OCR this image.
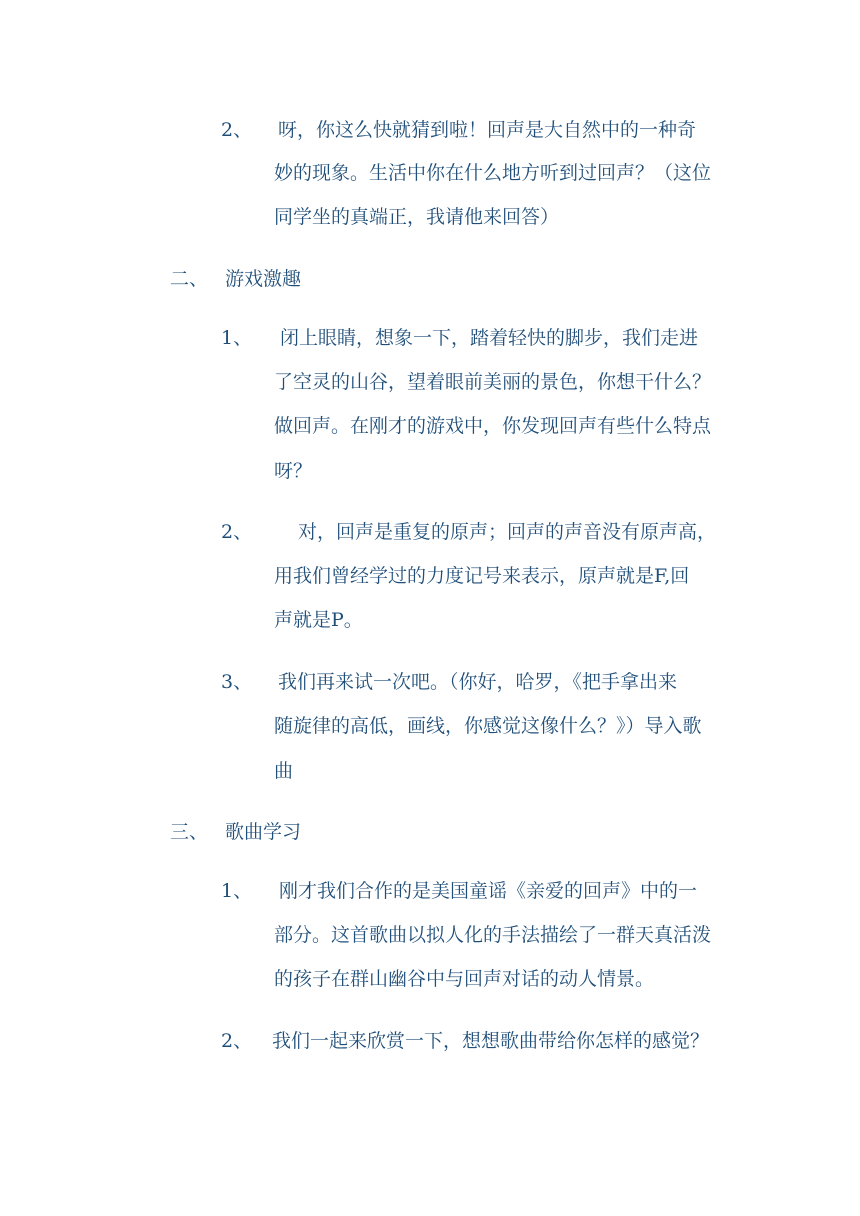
2、 呀，你这么快就猜到啦！回声是大自然中的一种奇
妙的现象。生活中你在什么地方听到过回声？（这位
同学坐的真端正，我请他来回答）
二、 游戏激趣
1、 闭上眼睛，想象一下，踏着轻快的脚步，我们走进
了空灵的山谷，望着眼前美丽的景色，你想干什么？
做回声。在刚才的游戏中，你发现回声有些什么特点
呀？
2、 对，回声是重复的原声；回声的声音没有原声高，
用我们曾经学过的力度记号来表示，原声就是F,回
声就是P。
3、 我们再来试一次吧。（你好，哈罗，《把手拿出来
随旋律的高低，画线，你感觉这像什么？》）导入歌
曲
三、 歌曲学习
1、 刚才我们合作的是美国童谣《亲爱的回声》中的一
部分。这首歌曲以拟人化的手法描绘了一群天真活泼
的孩子在群山幽谷中与回声对话的动人情景。
2、 我们一起来欣赏一下，想想歌曲带给你怎样的感觉？
